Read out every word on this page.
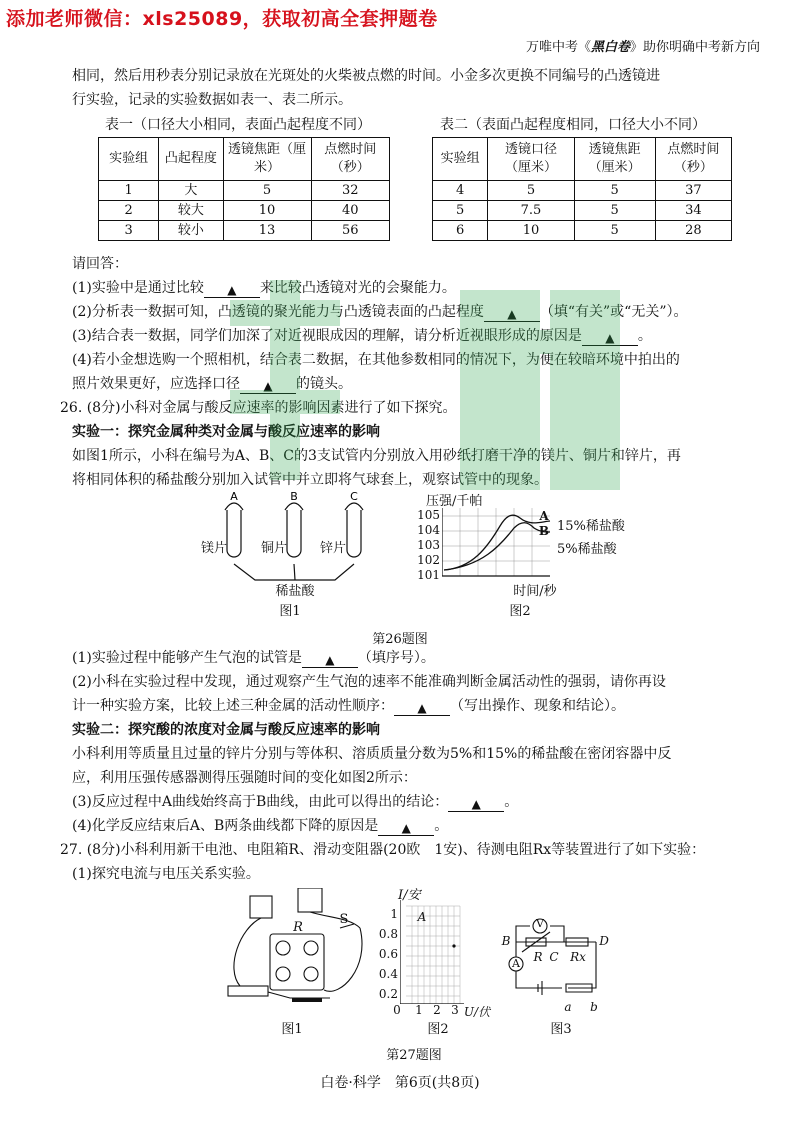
添加老师微信：xls25089，获取初高全套押题卷
万唯中考《黑白卷》助你明确中考新方向
相同，然后用秒表分别记录放在光斑处的火柴被点燃的时间。小金多次更换不同编号的凸透镜进
行实验，记录的实验数据如表一、表二所示。
表一（口径大小相同，表面凸起程度不同）	表二（表面凸起程度相同，口径大小不同）
实验组	凸起程度	透镜焦距（厘米）	点燃时间（秒）
1	大	5	32
2	较大	10	40
3	较小	13	56
实验组	透镜口径（厘米）	透镜焦距（厘米）	点燃时间（秒）
4	5	5	37
5	7.5	5	34
6	10	5	28
请回答：
(1)实验中是通过比较 ▲ 来比较凸透镜对光的会聚能力。
(2)分析表一数据可知，凸透镜的聚光能力与凸透镜表面的凸起程度 ▲ （填“有关”或“无关”）。
(3)结合表一数据，同学们加深了对近视眼成因的理解，请分析近视眼形成的原因是 ▲ 。
(4)若小金想选购一个照相机，结合表二数据，在其他参数相同的情况下，为便在较暗环境中拍出的
照片效果更好，应选择口径 ▲ 的镜头。
26. (8分)小科对金属与酸反应速率的影响因素进行了如下探究。
实验一：探究金属种类对金属与酸反应速率的影响
如图1所示，小科在编号为A、B、C的3支试管内分别放入用砂纸打磨干净的镁片、铜片和锌片，再
将相同体积的稀盐酸分别加入试管中并立即将气球套上，观察试管中的现象。
A	B	C
镁片	铜片	锌片
稀盐酸
图1
压强/千帕
105
104
103
102
101
A
B 15%稀盐酸
5%稀盐酸
时间/秒
图2
第26题图
(1)实验过程中能够产生气泡的试管是 ▲ （填序号）。
(2)小科在实验过程中发现，通过观察产生气泡的速率不能准确判断金属活动性的强弱，请你再设
计一种实验方案，比较上述三种金属的活动性顺序： ▲ （写出操作、现象和结论）。
实验二：探究酸的浓度对金属与酸反应速率的影响
小科利用等质量且过量的锌片分别与等体积、溶质质量分数为5%和15%的稀盐酸在密闭容器中反
应，利用压强传感器测得压强随时间的变化如图2所示：
(3)反应过程中A曲线始终高于B曲线，由此可以得出的结论： ▲ 。
(4)化学反应结束后A、B两条曲线都下降的原因是 ▲ 。
27. (8分)小科利用新干电池、电阻箱R、滑动变阻器(20欧　1安)、待测电阻Rx等装置进行了如下实验：
(1)探究电流与电压关系实验。
R
S
图1
I/安
1
0.8
0.6
0.4
0.2
0 1 2 3 U/伏
A
图2
V
A
B
R C Rx
D
a b
图3
第27题图
白卷·科学　第6页(共8页)
